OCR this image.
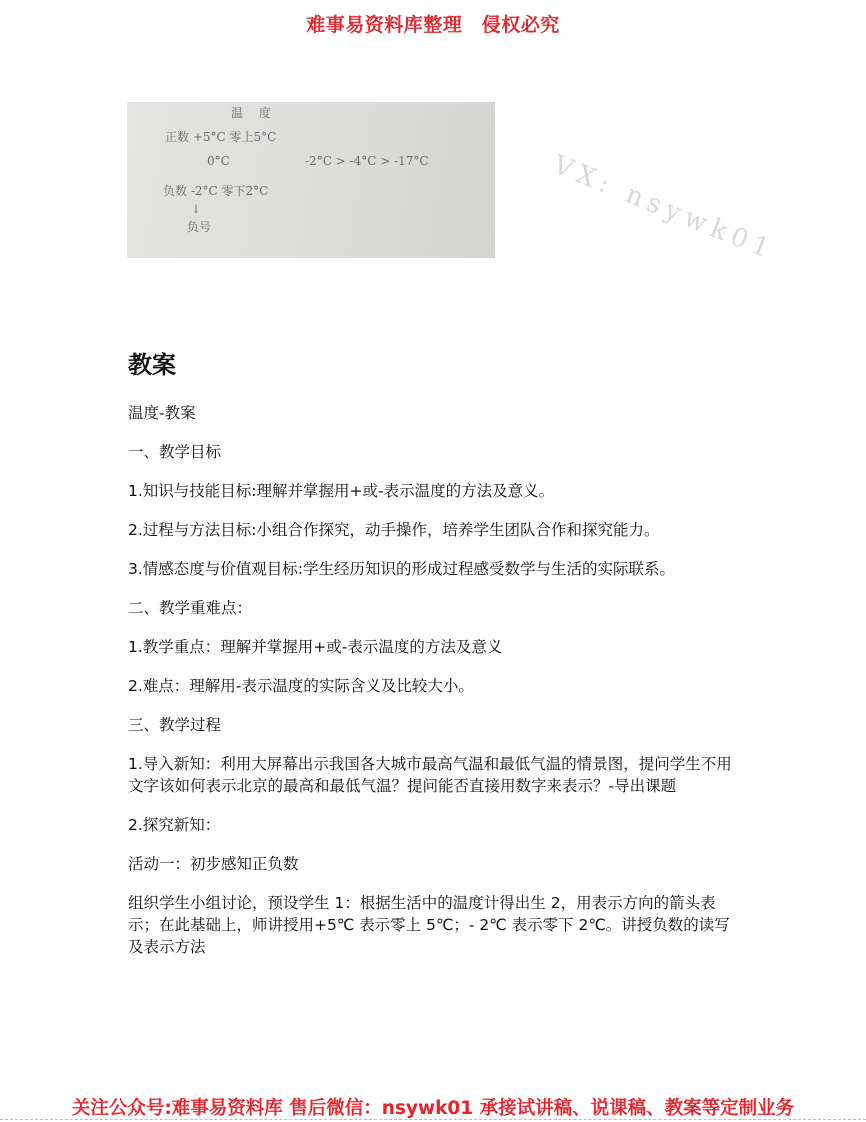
难事易资料库整理　侵权必究
温 度
正数 +5°C 零上5°C
0°C	-2°C > -4°C > -17°C
负数 -2°C 零下2°C
↓
负号
教案

温度-教案

一、教学目标

1.知识与技能目标:理解并掌握用+或-表示温度的方法及意义。

2.过程与方法目标:小组合作探究，动手操作，培养学生团队合作和探究能力。

3.情感态度与价值观目标:学生经历知识的形成过程感受数学与生活的实际联系。

二、教学重难点：

1.教学重点：理解并掌握用+或-表示温度的方法及意义

2.难点：理解用-表示温度的实际含义及比较大小。

三、教学过程

1.导入新知：利用大屏幕出示我国各大城市最高气温和最低气温的情景图，提问学生不用文字该如何表示北京的最高和最低气温？提问能否直接用数字来表示？-导出课题

2.探究新知：

活动一：初步感知正负数

组织学生小组讨论，预设学生 1：根据生活中的温度计得出生 2，用表示方向的箭头表示；在此基础上，师讲授用+5℃ 表示零上 5℃；- 2℃ 表示零下 2℃。讲授负数的读写及表示方法

VX: nsywk01
关注公众号:难事易资料库 售后微信：nsywk01 承接试讲稿、说课稿、教案等定制业务
